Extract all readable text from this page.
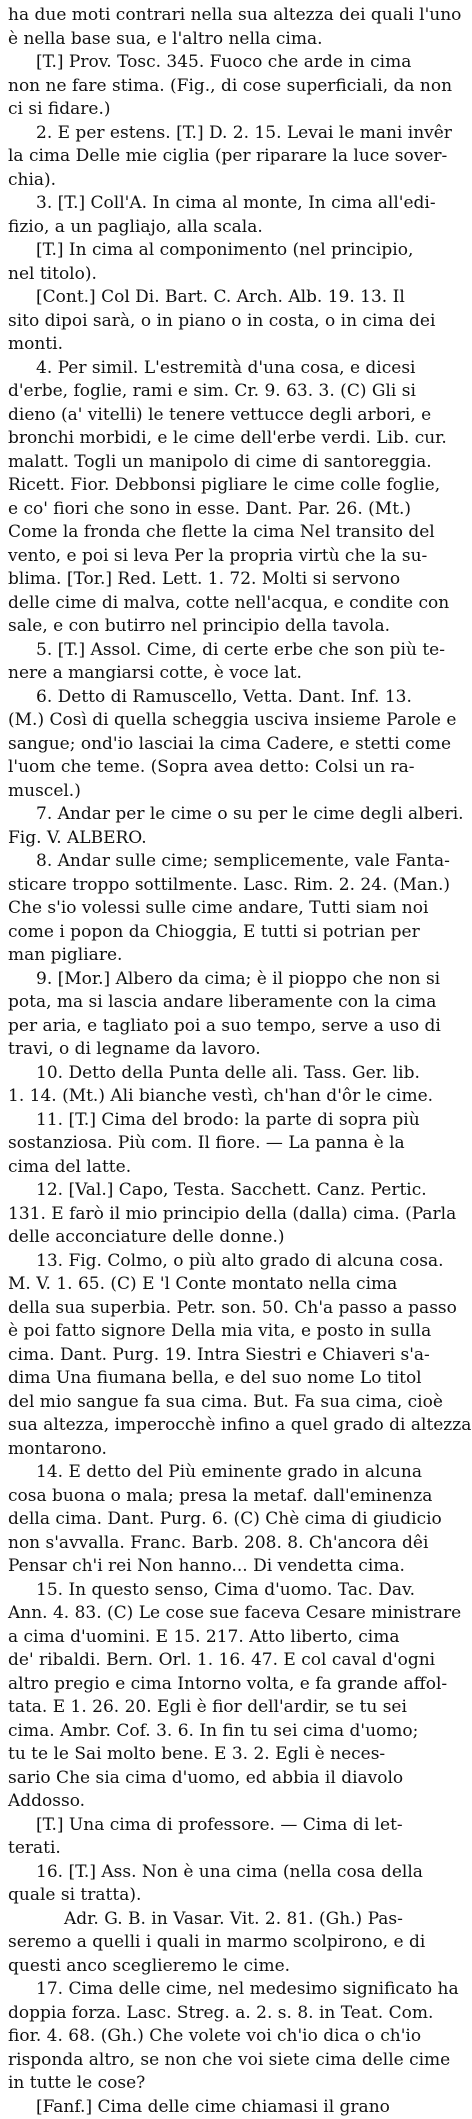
ha due moti contrari nella sua altezza dei quali l'uno
è nella base sua, e l'altro nella cima.
[T.] Prov. Tosc. 345. Fuoco che arde in cima
non ne fare stima. (Fig., di cose superficiali, da non
ci si fidare.)
2. E per estens. [T.] D. 2. 15. Levai le mani invêr
la cima Delle mie ciglia (per riparare la luce sover-
chia).
3. [T.] Coll'A. In cima al monte, In cima all'edi-
fizio, a un pagliajo, alla scala.
[T.] In cima al componimento (nel principio,
nel titolo).
[Cont.] Col Di. Bart. C. Arch. Alb. 19. 13. Il
sito dipoi sarà, o in piano o in costa, o in cima dei
monti.
4. Per simil. L'estremità d'una cosa, e dicesi
d'erbe, foglie, rami e sim. Cr. 9. 63. 3. (C) Gli si
dieno (a' vitelli) le tenere vettucce degli arbori, e
bronchi morbidi, e le cime dell'erbe verdi. Lib. cur.
malatt. Togli un manipolo di cime di santoreggia.
Ricett. Fior. Debbonsi pigliare le cime colle foglie,
e co' fiori che sono in esse. Dant. Par. 26. (Mt.)
Come la fronda che flette la cima Nel transito del
vento, e poi si leva Per la propria virtù che la su-
blima. [Tor.] Red. Lett. 1. 72. Molti si servono
delle cime di malva, cotte nell'acqua, e condite con
sale, e con butirro nel principio della tavola.
5. [T.] Assol. Cime, di certe erbe che son più te-
nere a mangiarsi cotte, è voce lat.
6. Detto di Ramuscello, Vetta. Dant. Inf. 13.
(M.) Così di quella scheggia usciva insieme Parole e
sangue; ond'io lasciai la cima Cadere, e stetti come
l'uom che teme. (Sopra avea detto: Colsi un ra-
muscel.)
7. Andar per le cime o su per le cime degli alberi.
Fig. V. ALBERO.
8. Andar sulle cime; semplicemente, vale Fanta-
sticare troppo sottilmente. Lasc. Rim. 2. 24. (Man.)
Che s'io volessi sulle cime andare, Tutti siam noi
come i popon da Chioggia, E tutti si potrian per
man pigliare.
9. [Mor.] Albero da cima; è il pioppo che non si
pota, ma si lascia andare liberamente con la cima
per aria, e tagliato poi a suo tempo, serve a uso di
travi, o di legname da lavoro.
10. Detto della Punta delle ali. Tass. Ger. lib.
1. 14. (Mt.) Ali bianche vestì, ch'han d'ôr le cime.
11. [T.] Cima del brodo: la parte di sopra più
sostanziosa. Più com. Il fiore. — La panna è la
cima del latte.
12. [Val.] Capo, Testa. Sacchett. Canz. Pertic.
131. E farò il mio principio della (dalla) cima. (Parla
delle acconciature delle donne.)
13. Fig. Colmo, o più alto grado di alcuna cosa.
M. V. 1. 65. (C) E 'l Conte montato nella cima
della sua superbia. Petr. son. 50. Ch'a passo a passo
è poi fatto signore Della mia vita, e posto in sulla
cima. Dant. Purg. 19. Intra Siestri e Chiaveri s'a-
dima Una fiumana bella, e del suo nome Lo titol
del mio sangue fa sua cima. But. Fa sua cima, cioè
sua altezza, imperocchè infino a quel grado di altezza
montarono.
14. E detto del Più eminente grado in alcuna
cosa buona o mala; presa la metaf. dall'eminenza
della cima. Dant. Purg. 6. (C) Chè cima di giudicio
non s'avvalla. Franc. Barb. 208. 8. Ch'ancora dêi
Pensar ch'i rei Non hanno... Di vendetta cima.
15. In questo senso, Cima d'uomo. Tac. Dav.
Ann. 4. 83. (C) Le cose sue faceva Cesare ministrare
a cima d'uomini. E 15. 217. Atto liberto, cima
de' ribaldi. Bern. Orl. 1. 16. 47. E col caval d'ogni
altro pregio e cima Intorno volta, e fa grande affol-
tata. E 1. 26. 20. Egli è fior dell'ardir, se tu sei
cima. Ambr. Cof. 3. 6. In fin tu sei cima d'uomo;
tu te le Sai molto bene. E 3. 2. Egli è neces-
sario Che sia cima d'uomo, ed abbia il diavolo
Addosso.
[T.] Una cima di professore. — Cima di let-
terati.
16. [T.] Ass. Non è una cima (nella cosa della
quale si tratta).
Adr. G. B. in Vasar. Vit. 2. 81. (Gh.) Pas-
seremo a quelli i quali in marmo scolpirono, e di
questi anco sceglieremo le cime.
17. Cima delle cime, nel medesimo significato ha
doppia forza. Lasc. Streg. a. 2. s. 8. in Teat. Com.
fior. 4. 68. (Gh.) Che volete voi ch'io dica o ch'io
risponda altro, se non che voi siete cima delle cime
in tutte le cose?
[Fanf.] Cima delle cime chiamasi il grano
